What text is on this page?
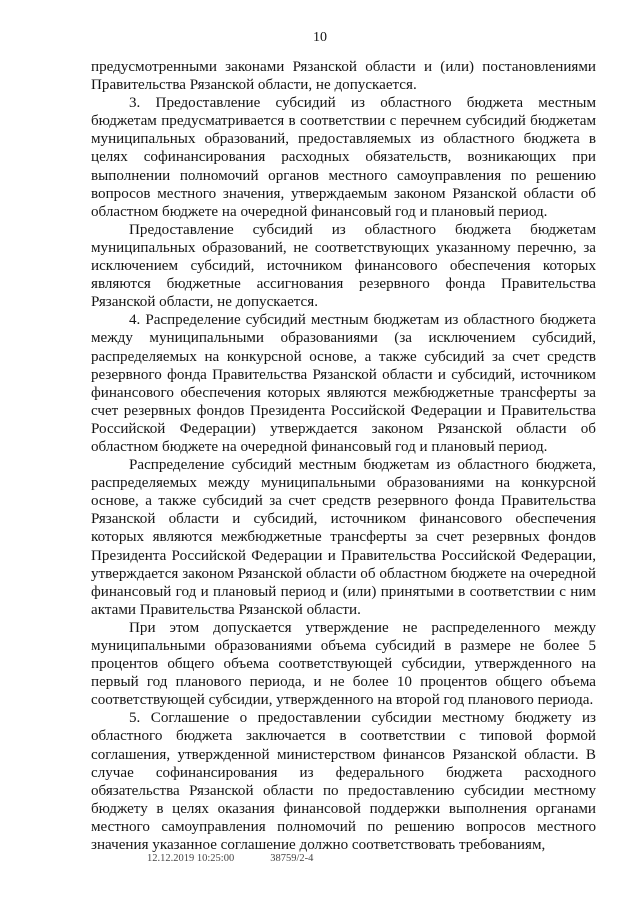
10

предусмотренными законами Рязанской области и (или) постановлениями Правительства Рязанской области, не допускается.

3. Предоставление субсидий из областного бюджета местным бюджетам предусматривается в соответствии с перечнем субсидий бюджетам муниципальных образований, предоставляемых из областного бюджета в целях софинансирования расходных обязательств, возникающих при выполнении полномочий органов местного самоуправления по решению вопросов местного значения, утверждаемым законом Рязанской области об областном бюджете на очередной финансовый год и плановый период.

Предоставление субсидий из областного бюджета бюджетам муниципальных образований, не соответствующих указанному перечню, за исключением субсидий, источником финансового обеспечения которых являются бюджетные ассигнования резервного фонда Правительства Рязанской области, не допускается.

4. Распределение субсидий местным бюджетам из областного бюджета между муниципальными образованиями (за исключением субсидий, распределяемых на конкурсной основе, а также субсидий за счет средств резервного фонда Правительства Рязанской области и субсидий, источником финансового обеспечения которых являются межбюджетные трансферты за счет резервных фондов Президента Российской Федерации и Правительства Российской Федерации) утверждается законом Рязанской области об областном бюджете на очередной финансовый год и плановый период.

Распределение субсидий местным бюджетам из областного бюджета, распределяемых между муниципальными образованиями на конкурсной основе, а также субсидий за счет средств резервного фонда Правительства Рязанской области и субсидий, источником финансового обеспечения которых являются межбюджетные трансферты за счет резервных фондов Президента Российской Федерации и Правительства Российской Федерации, утверждается законом Рязанской области об областном бюджете на очередной финансовый год и плановый период и (или) принятыми в соответствии с ним актами Правительства Рязанской области.

При этом допускается утверждение не распределенного между муниципальными образованиями объема субсидий в размере не более 5 процентов общего объема соответствующей субсидии, утвержденного на первый год планового периода, и не более 10 процентов общего объема соответствующей субсидии, утвержденного на второй год планового периода.

5. Соглашение о предоставлении субсидии местному бюджету из областного бюджета заключается в соответствии с типовой формой соглашения, утвержденной министерством финансов Рязанской области. В случае софинансирования из федерального бюджета расходного обязательства Рязанской области по предоставлению субсидии местному бюджету в целях оказания финансовой поддержки выполнения органами местного самоуправления полномочий по решению вопросов местного значения указанное соглашение должно соответствовать требованиям,

12.12.2019 10:25:00	38759/2-4
